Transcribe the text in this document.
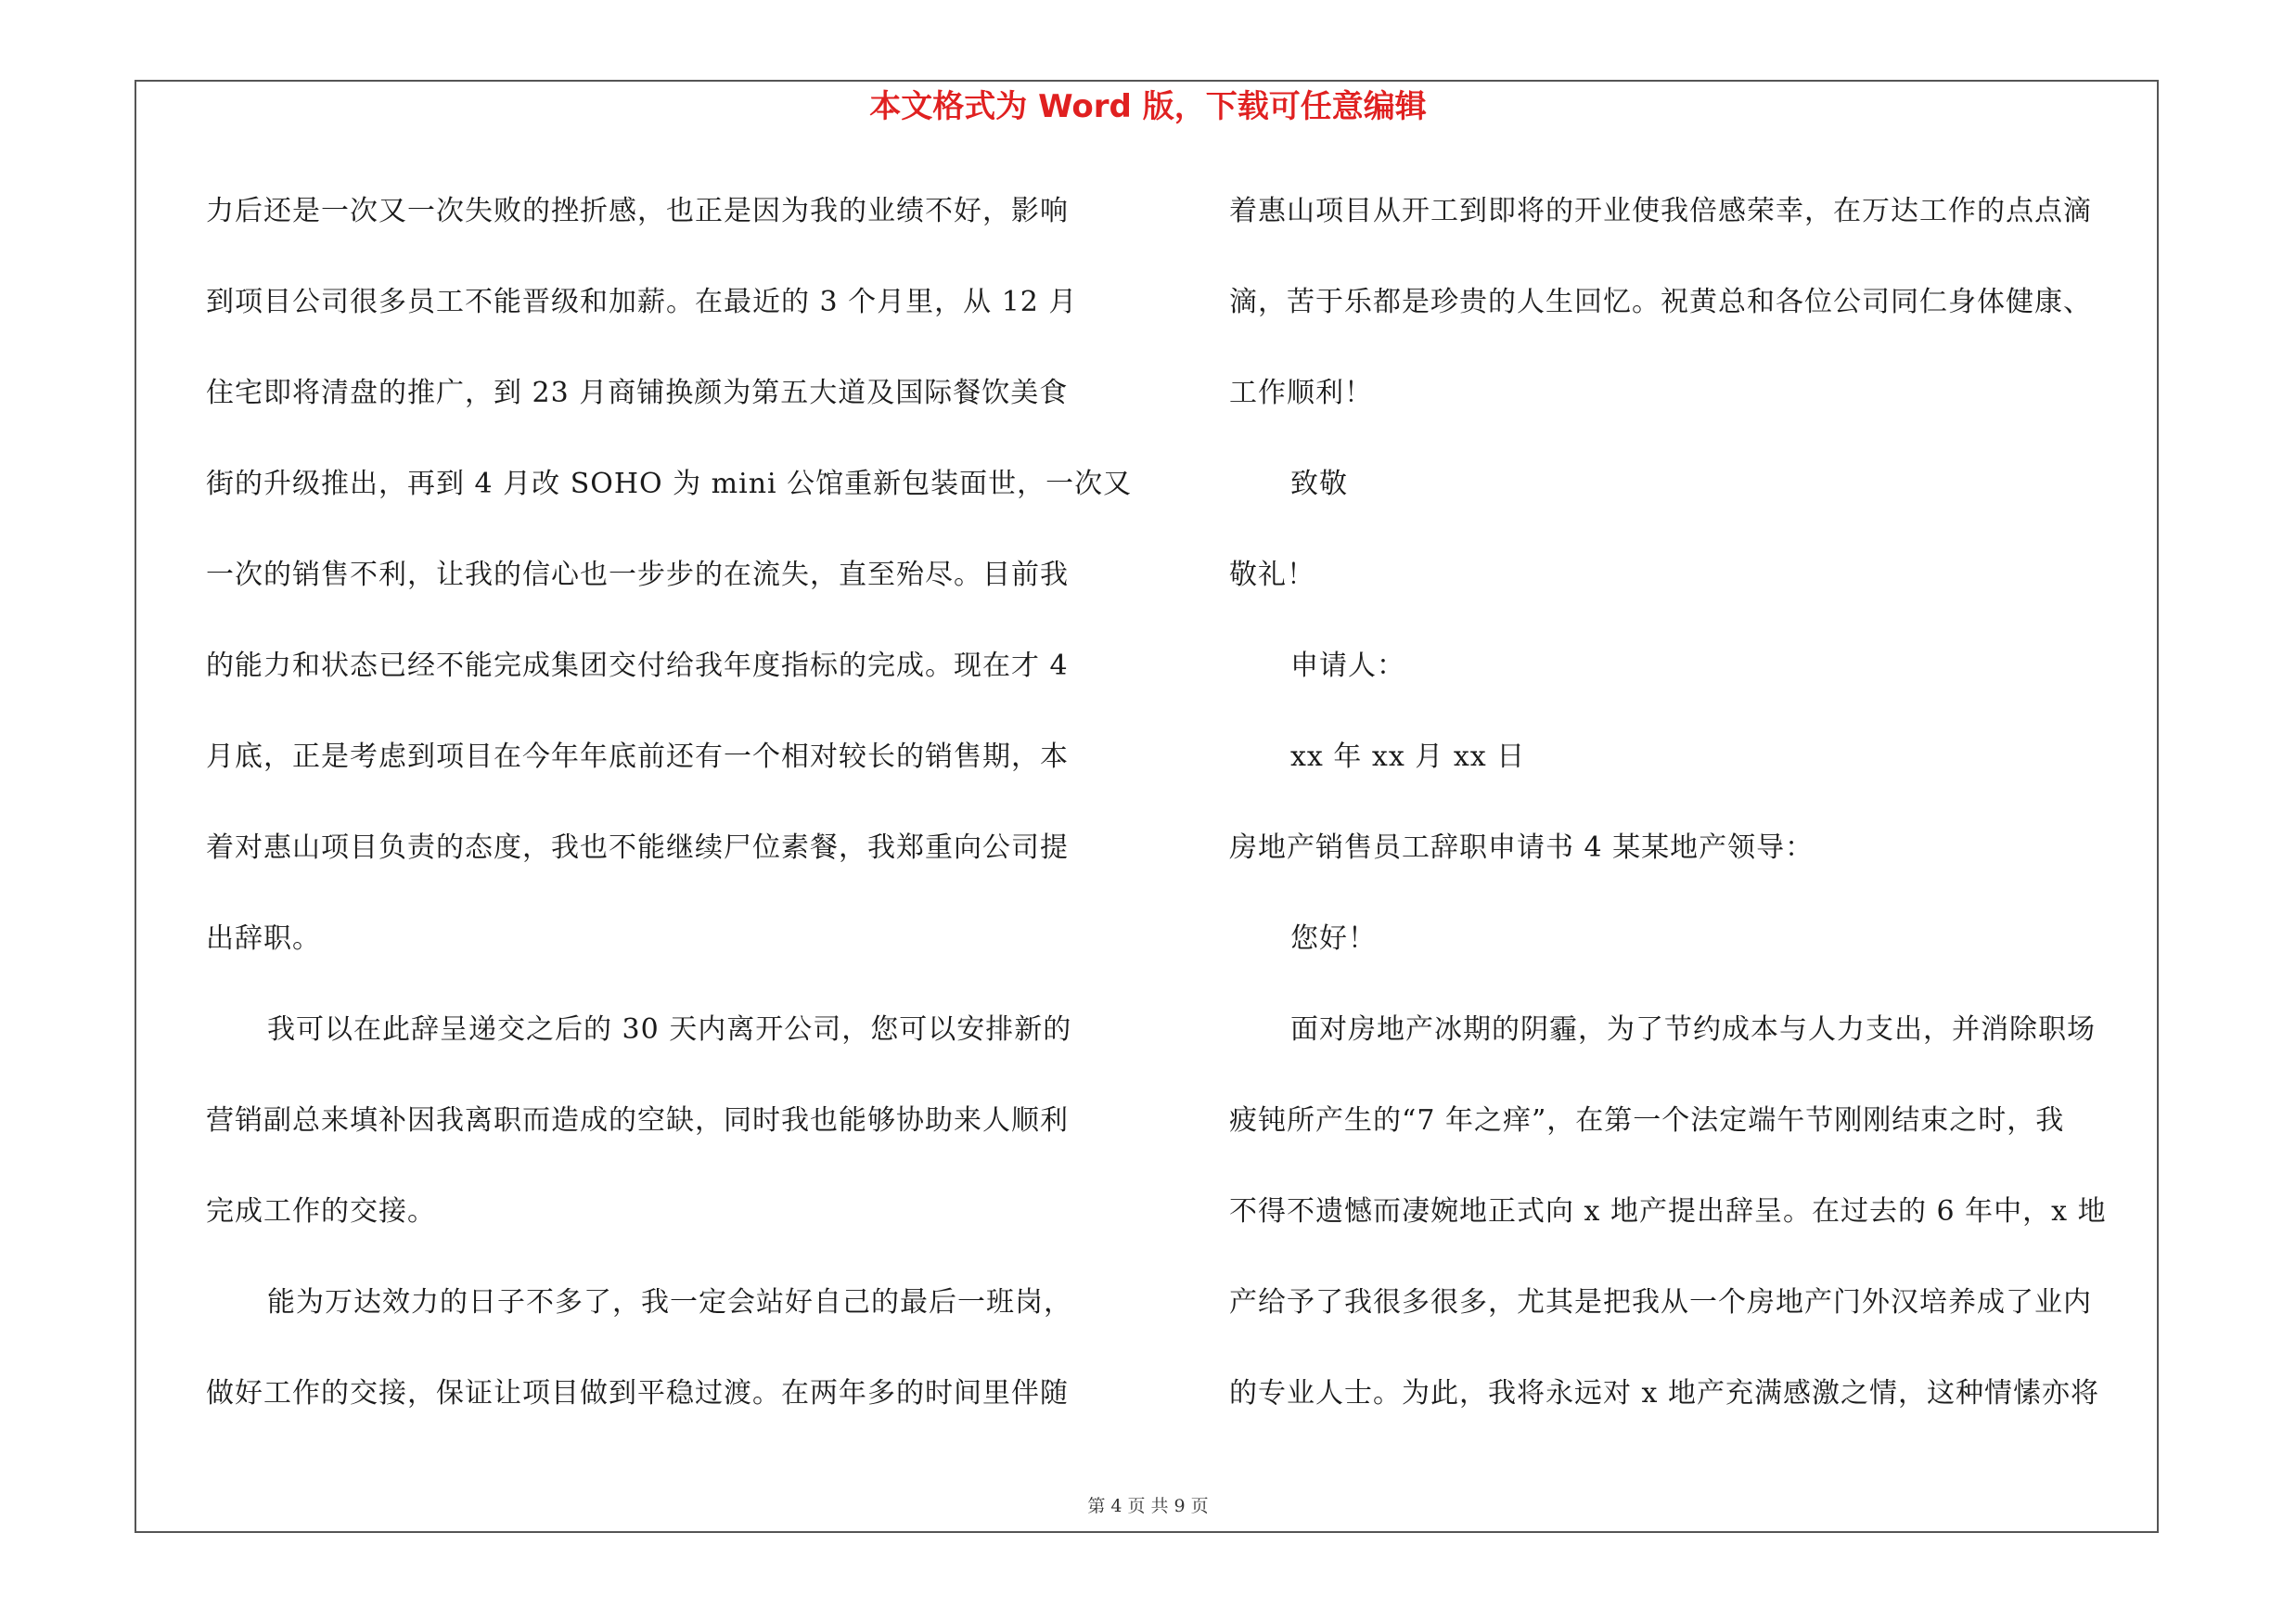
本文格式为 Word 版，下载可任意编辑
力后还是一次又一次失败的挫折感，也正是因为我的业绩不好，影响
到项目公司很多员工不能晋级和加薪。在最近的 3 个月里，从 12 月
住宅即将清盘的推广，到 23 月商铺换颜为第五大道及国际餐饮美食
街的升级推出，再到 4 月改 SOHO 为 mini 公馆重新包装面世，一次又
一次的销售不利，让我的信心也一步步的在流失，直至殆尽。目前我
的能力和状态已经不能完成集团交付给我年度指标的完成。现在才 4
月底，正是考虑到项目在今年年底前还有一个相对较长的销售期，本
着对惠山项目负责的态度，我也不能继续尸位素餐，我郑重向公司提
出辞职。
我可以在此辞呈递交之后的 30 天内离开公司，您可以安排新的
营销副总来填补因我离职而造成的空缺，同时我也能够协助来人顺利
完成工作的交接。
能为万达效力的日子不多了，我一定会站好自己的最后一班岗，
做好工作的交接，保证让项目做到平稳过渡。在两年多的时间里伴随
着惠山项目从开工到即将的开业使我倍感荣幸，在万达工作的点点滴
滴，苦于乐都是珍贵的人生回忆。祝黄总和各位公司同仁身体健康、
工作顺利！
致敬
敬礼！
申请人：
xx 年 xx 月 xx 日
房地产销售员工辞职申请书 4 某某地产领导：
您好！
面对房地产冰期的阴霾，为了节约成本与人力支出，并消除职场
疲钝所产生的“7 年之痒”，在第一个法定端午节刚刚结束之时，我
不得不遗憾而凄婉地正式向 x 地产提出辞呈。在过去的 6 年中，x 地
产给予了我很多很多，尤其是把我从一个房地产门外汉培养成了业内
的专业人士。为此，我将永远对 x 地产充满感激之情，这种情愫亦将
第 4 页 共 9 页
